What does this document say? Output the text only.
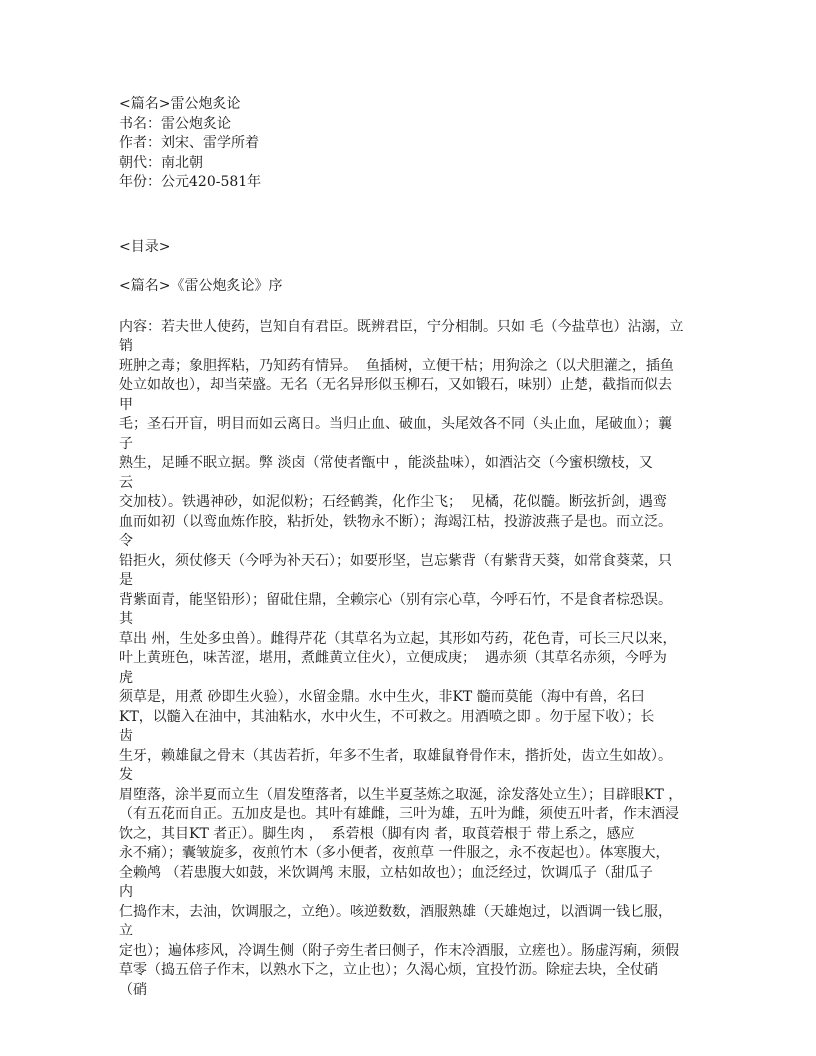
<篇名>雷公炮炙论

书名：雷公炮炙论

作者：刘宋、雷学所着

朝代：南北朝

年份：公元420-581年

<目录>

<篇名>《雷公炮炙论》序

内容：若夫世人使药，岂知自有君臣。既辨君臣，宁分相制。只如 毛（今盐草也）沾溺，立

销

班肿之毒；象胆挥粘，乃知药有情异。  鱼插树，立便干枯；用狗涂之（以犬胆灌之，插鱼

处立如故也），却当荣盛。无名（无名异形似玉柳石，又如锻石，味别）止楚，截指而似去

甲

毛；圣石开盲，明目而如云离日。当归止血、破血，头尾效各不同（头止血，尾破血）；蘘

子

熟生，足睡不眠立据。弊 淡卤（常使者甑中 ，能淡盐味），如酒沾交（今蜜枳缴枝，又

云

交加枝）。铁遇神砂，如泥似粉；石经鹤粪，化作尘飞；  见橘，花似髓。断弦折剑，遇鸾

血而如初（以鸾血炼作胶，粘折处，铁物永不断）；海竭江枯，投游波燕子是也。而立泛。

令

铅拒火，须仗修天（今呼为补天石）；如要形坚，岂忘紫背（有紫背天葵，如常食葵菜，只

是

背紫面青，能坚铅形）；留砒住鼎，全赖宗心（别有宗心草，今呼石竹，不是食者棕恐误。

其

草出 州，生处多虫兽）。雌得芹花（其草名为立起，其形如芍药，花色青，可长三尺以来，

叶上黄班色，味苦涩，堪用，煮雌黄立住火），立便成庚；  遇赤须（其草名赤须，今呼为

虎

须草是，用煮 砂即生火验），水留金鼎。水中生火，非KT 髓而莫能（海中有兽，名曰

KT，以髓入在油中，其油粘水，水中火生，不可救之。用酒喷之即 。勿于屋下收）；长

齿

生牙，赖雄鼠之骨末（其齿若折，年多不生者，取雄鼠脊骨作末，揩折处，齿立生如故）。

发

眉堕落，涂半夏而立生（眉发堕落者，以生半夏茎炼之取涎，涂发落处立生）；目辟眼KT ，

（有五花而自正。五加皮是也。其叶有雄雌，三叶为雄，五叶为雌，须使五叶者，作末酒浸

饮之，其目KT 者正）。脚生肉 ，  系菪根（脚有肉 者，取莨菪根于 带上系之，感应

永不痛）；囊皱旋多，夜煎竹木（多小便者，夜煎草 一件服之，永不夜起也）。体寒腹大，

全赖鸬 （若患腹大如鼓，米饮调鸬 末服，立枯如故也）；血泛经过，饮调瓜子（甜瓜子

内

仁捣作末，去油，饮调服之，立绝）。咳逆数数，酒服熟雄（天雄炮过，以酒调一钱匕服，

立

定也）；遍体疹风，冷调生侧（附子旁生者曰侧子，作末冷酒服，立瘥也）。肠虚泻痢，须假

草零（捣五倍子作末，以熟水下之，立止也）；久渴心烦，宜投竹沥。除症去块，全仗硝

（硝
